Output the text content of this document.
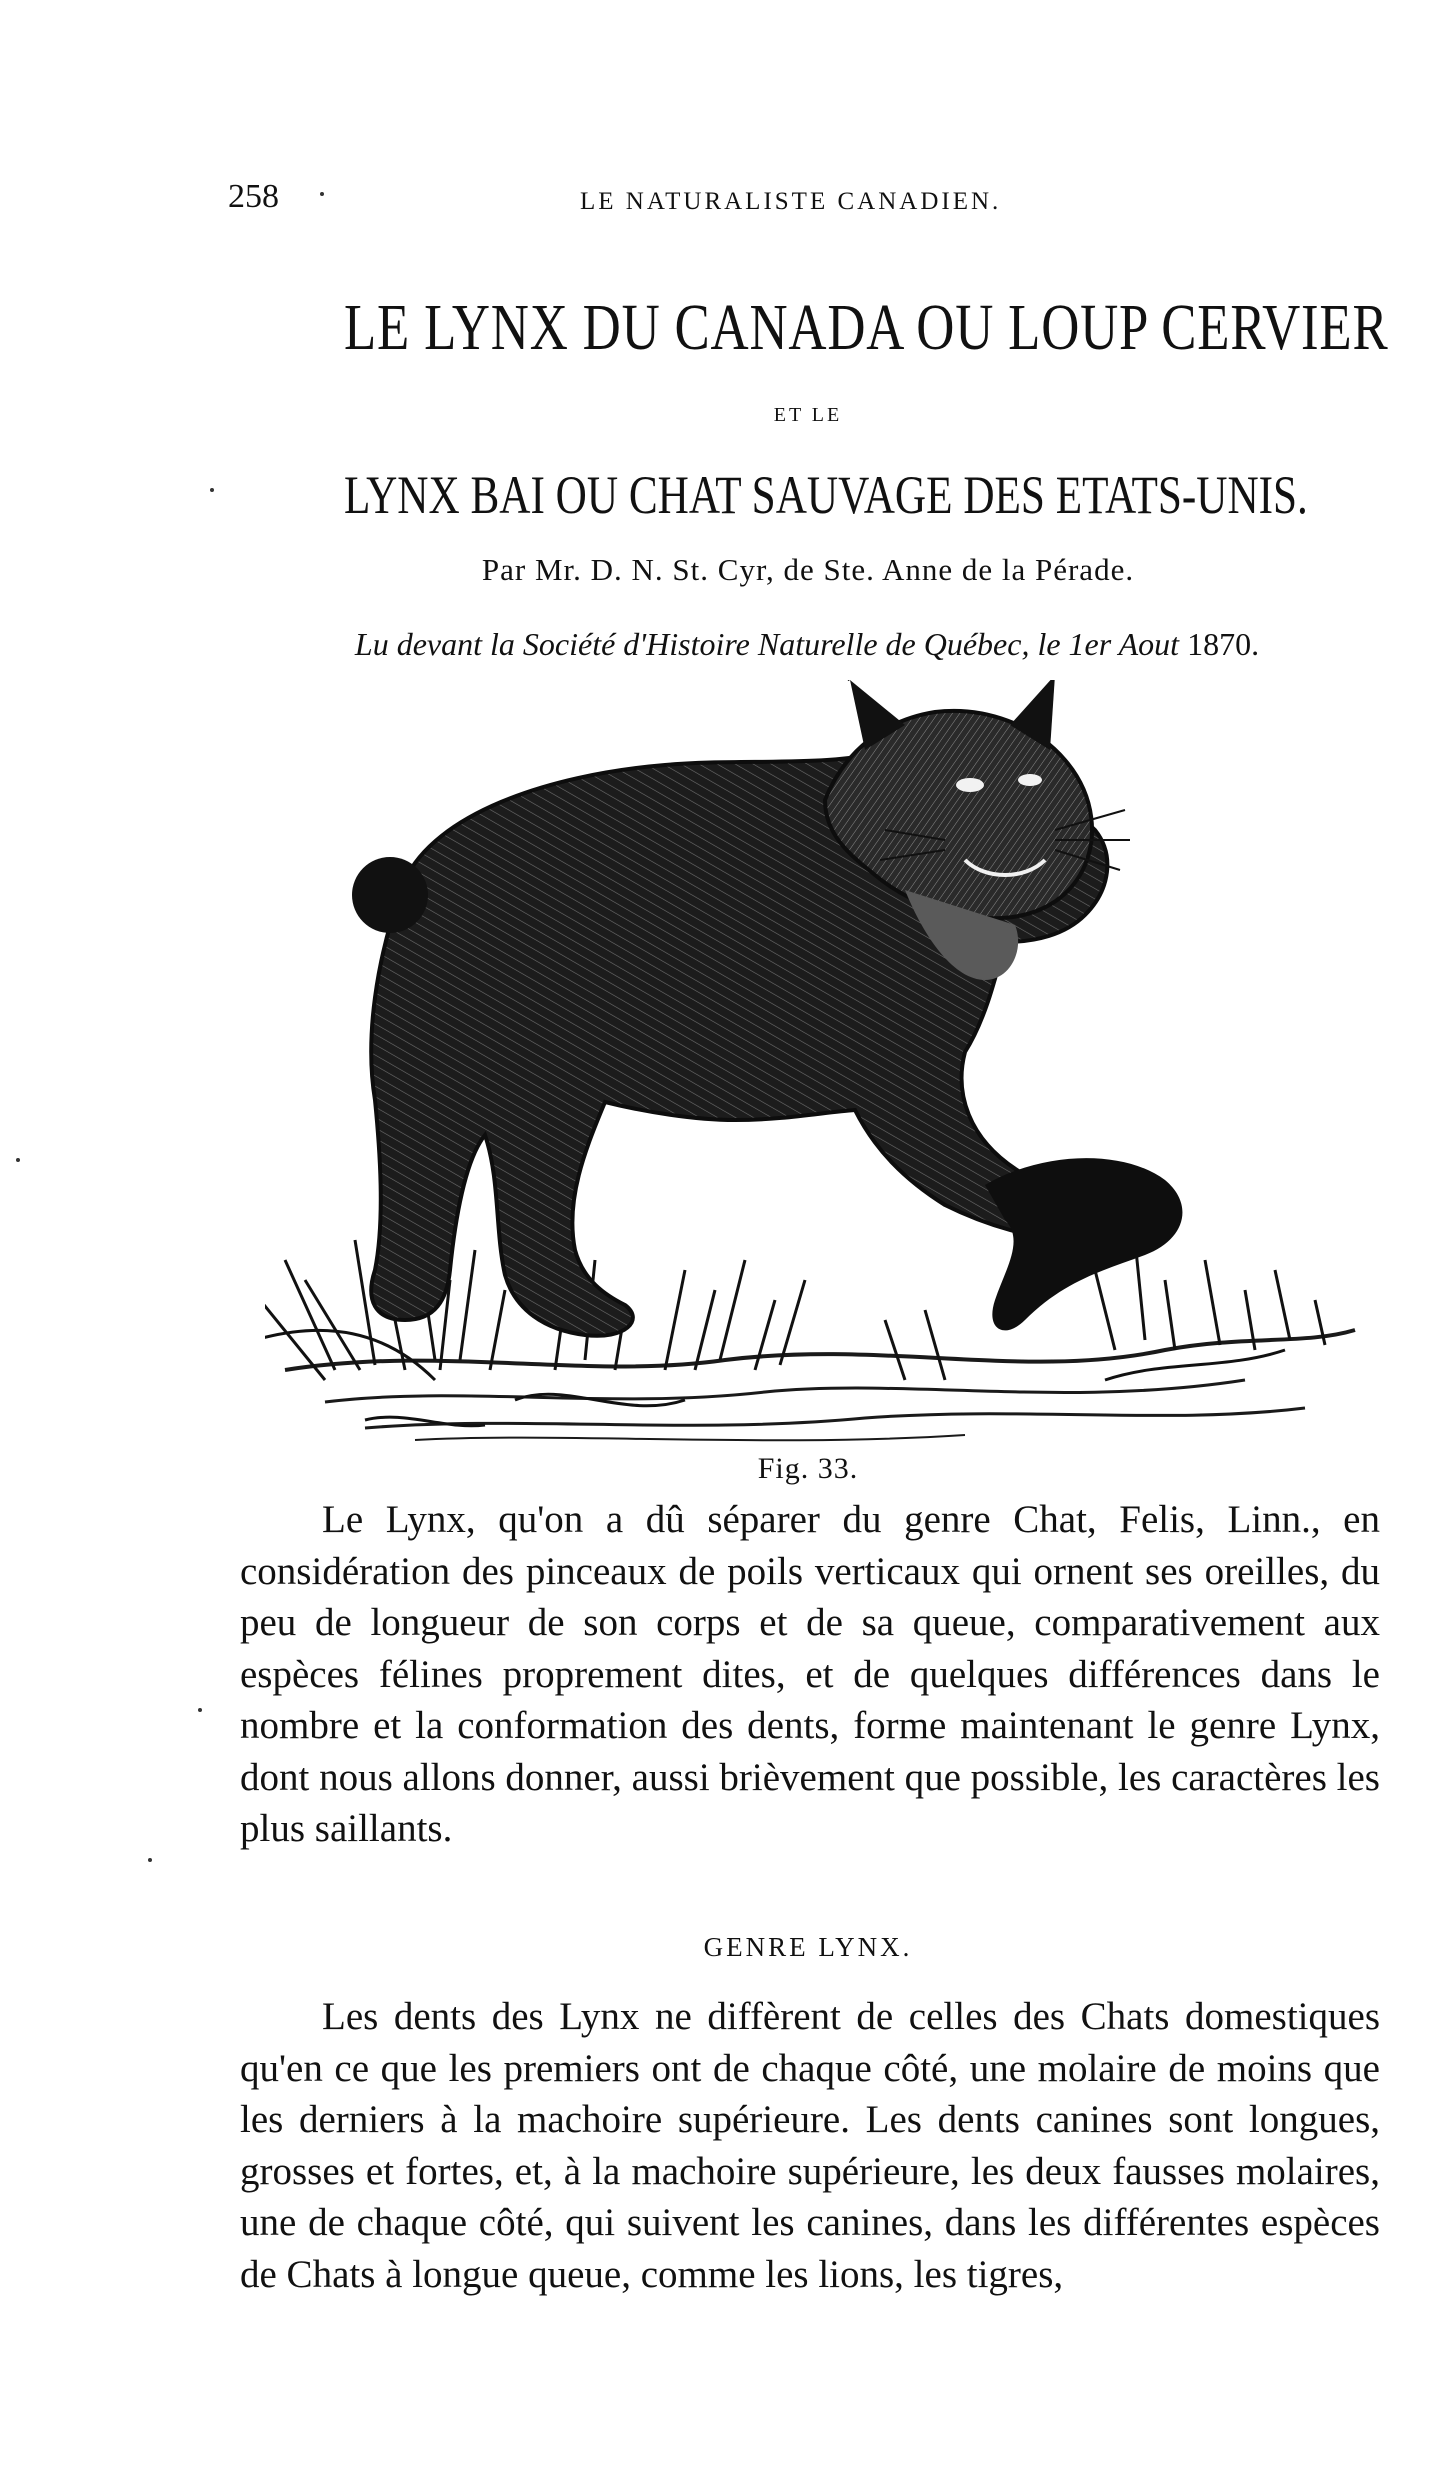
258	LE NATURALISTE CANADIEN.
LE LYNX DU CANADA OU LOUP CERVIER
ET LE
LYNX BAI OU CHAT SAUVAGE DES ETATS-UNIS.
Par Mr. D. N. St. Cyr, de Ste. Anne de la Pérade.
Lu devant la Société d'Histoire Naturelle de Québec, le 1er Aout 1870.
Fig. 33.

Le Lynx, qu'on a dû séparer du genre Chat, Felis, Linn., en considération des pinceaux de poils verticaux qui ornent ses oreilles, du peu de longueur de son corps et de sa queue, comparativement aux espèces félines proprement dites, et de quelques différences dans le nombre et la conformation des dents, forme maintenant le genre Lynx, dont nous allons donner, aussi brièvement que possible, les caractères les plus saillants.

GENRE LYNX.

Les dents des Lynx ne diffèrent de celles des Chats domestiques qu'en ce que les premiers ont de chaque côté, une molaire de moins que les derniers à la machoire supérieure. Les dents canines sont longues, grosses et fortes, et, à la machoire supérieure, les deux fausses molaires, une de chaque côté, qui suivent les canines, dans les différentes espèces de Chats à longue queue, comme les lions, les tigres,
